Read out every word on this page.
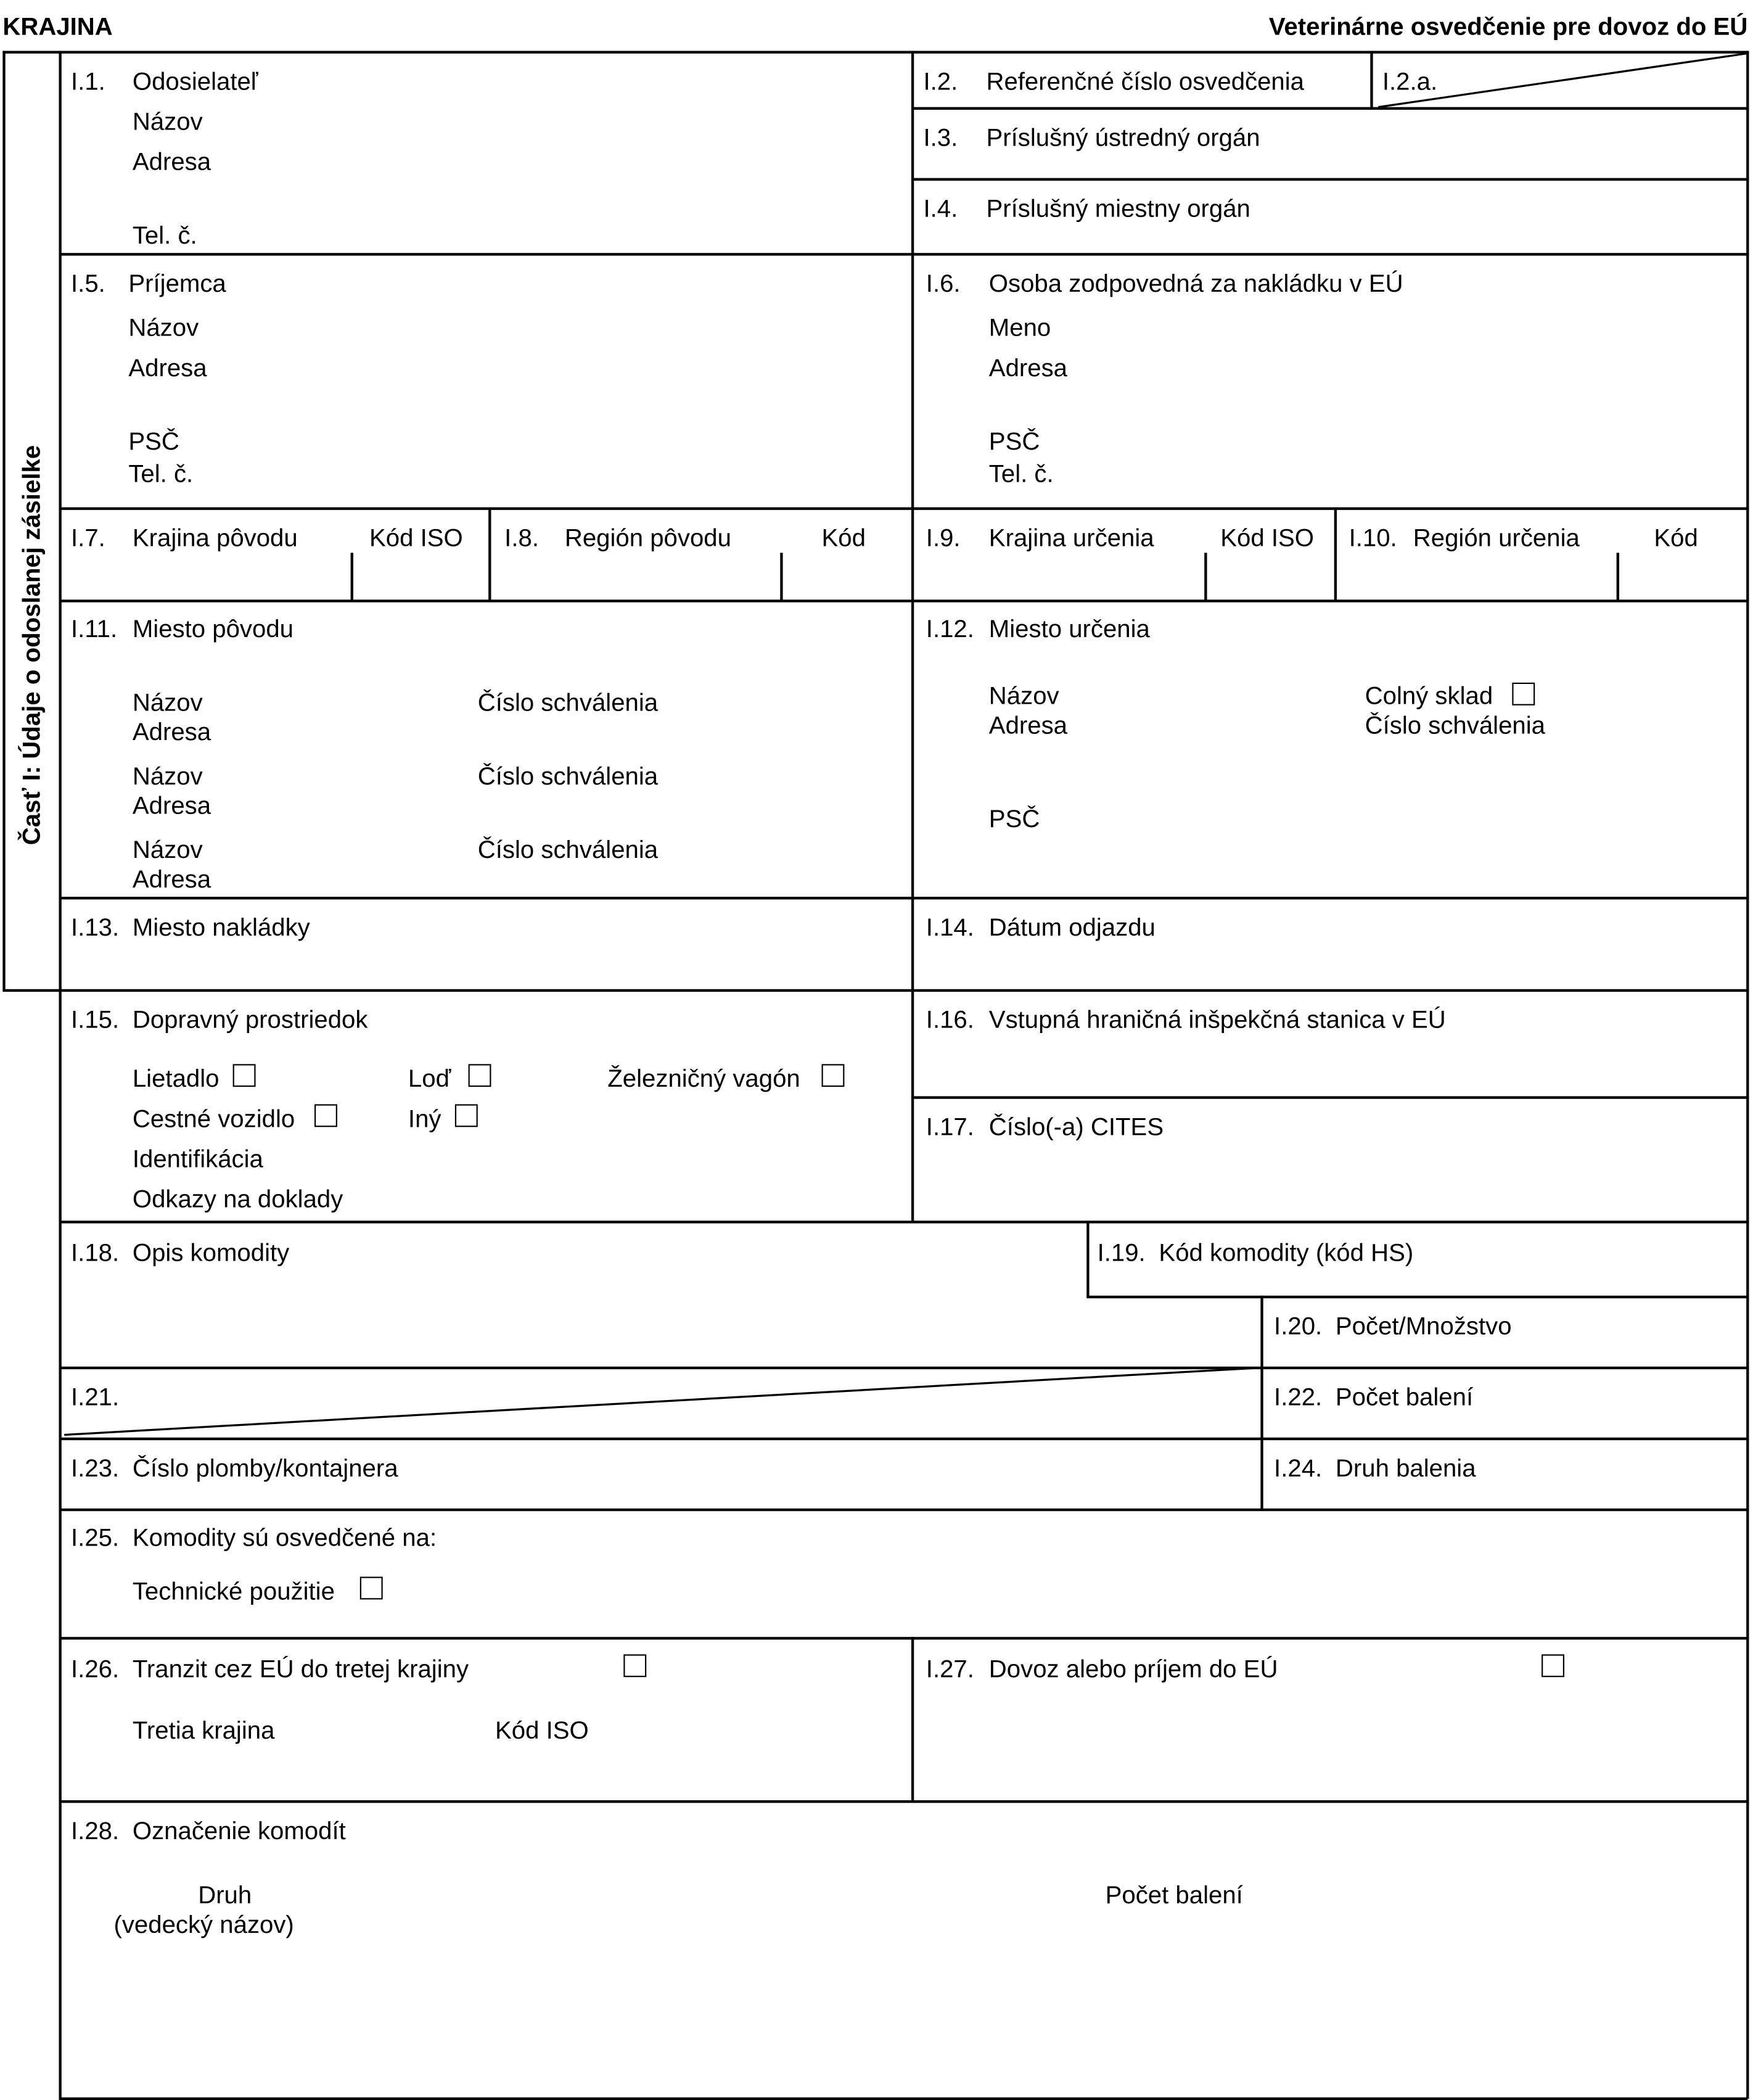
KRAJINA	Veterinárne osvedčenie pre dovoz do EÚ
Časť I: Údaje o odoslanej zásielke
I.1. Odosielateľ
Názov
Adresa
Tel. č.
I.2. Referenčné číslo osvedčenia	I.2.a.
I.3. Príslušný ústredný orgán
I.4. Príslušný miestny orgán
I.5. Príjemca
Názov
Adresa
PSČ
Tel. č.
I.6. Osoba zodpovedná za nakládku v EÚ
Meno
Adresa
PSČ
Tel. č.
I.7. Krajina pôvodu	Kód ISO	I.8. Región pôvodu	Kód	I.9. Krajina určenia	Kód ISO	I.10. Región určenia	Kód
I.11. Miesto pôvodu
Názov	Číslo schválenia
Adresa
Názov	Číslo schválenia
Adresa
Názov	Číslo schválenia
Adresa
I.12. Miesto určenia
Názov	Colný sklad
Adresa	Číslo schválenia
PSČ
I.13. Miesto nakládky	I.14. Dátum odjazdu
I.15. Dopravný prostriedok
Lietadlo	Loď	Železničný vagón
Cestné vozidlo	Iný
Identifikácia
Odkazy na doklady
I.16. Vstupná hraničná inšpekčná stanica v EÚ
I.17. Číslo(-a) CITES
I.18. Opis komodity	I.19. Kód komodity (kód HS)
I.20. Počet/Množstvo
I.21.	I.22. Počet balení
I.23. Číslo plomby/kontajnera	I.24. Druh balenia
I.25. Komodity sú osvedčené na:
Technické použitie
I.26. Tranzit cez EÚ do tretej krajiny
Tretia krajina	Kód ISO
I.27. Dovoz alebo príjem do EÚ
I.28. Označenie komodít
Druh
(vedecký názov)
Počet balení
